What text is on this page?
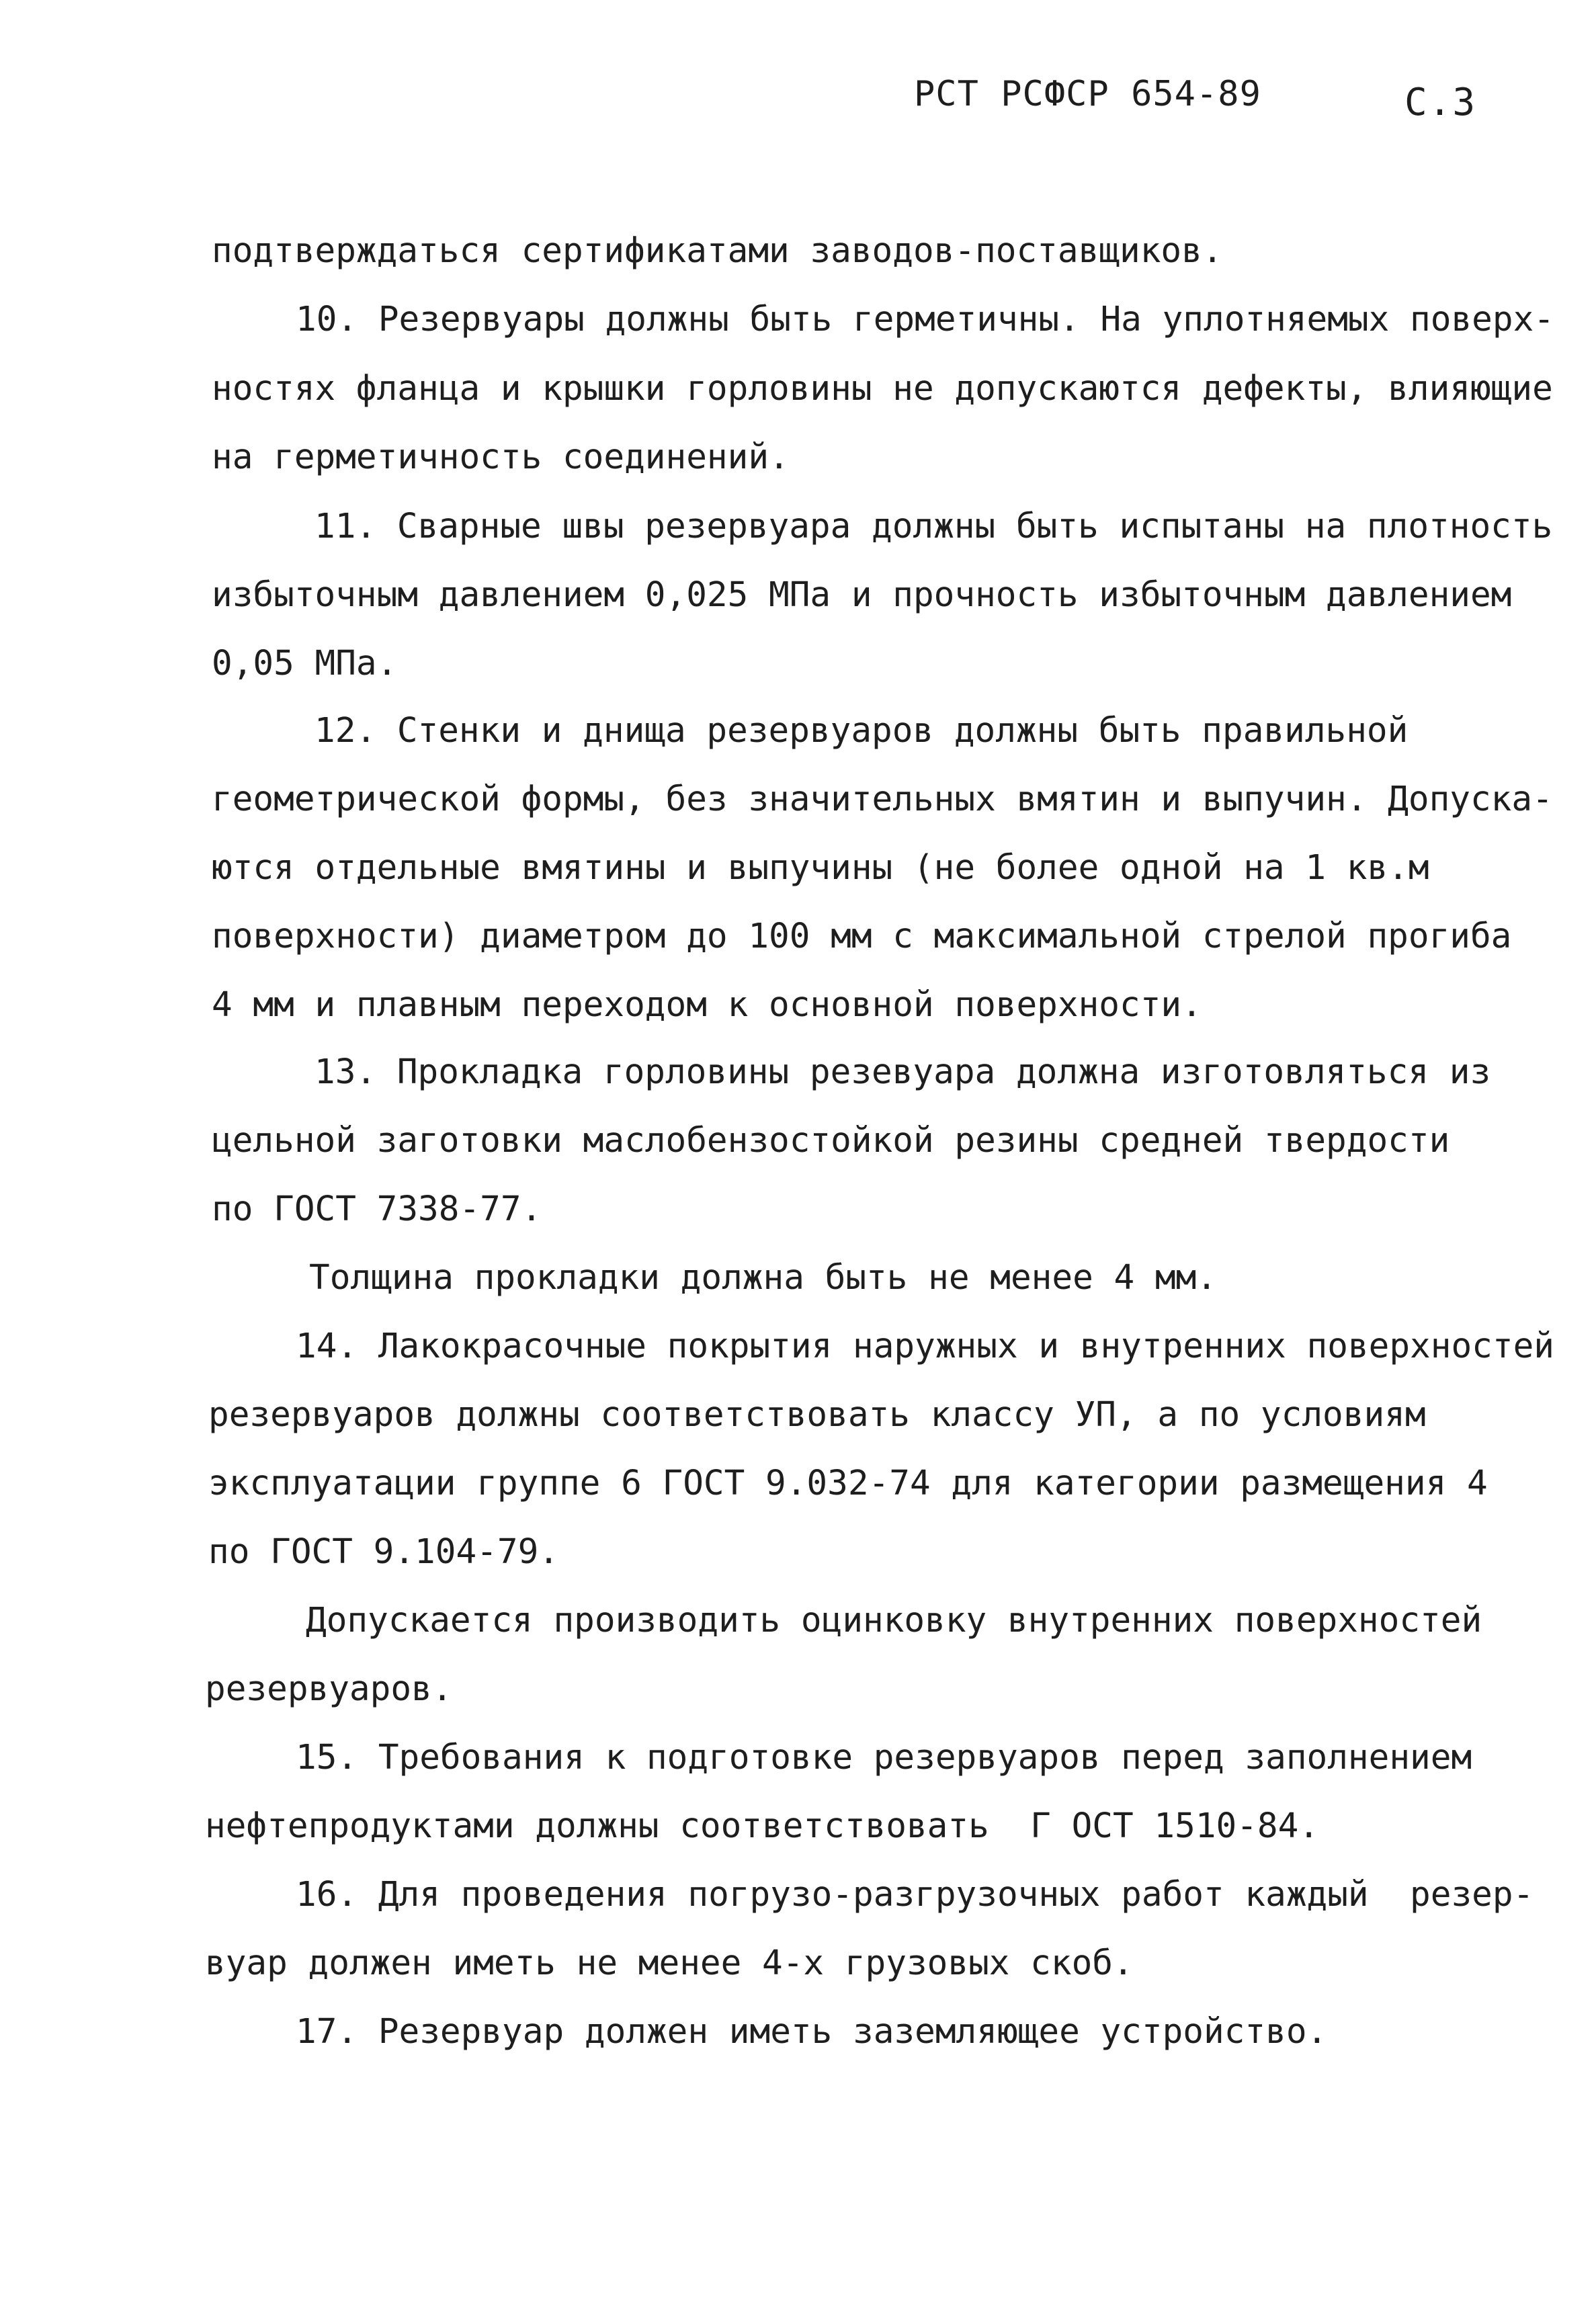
РСТ РСФСР 654-89	С.3
подтверждаться сертификатами заводов-поставщиков.
10. Резервуары должны быть герметичны. На уплотняемых поверх-
ностях фланца и крышки горловины не допускаются дефекты, влияющие
на герметичность соединений.
11. Сварные швы резервуара должны быть испытаны на плотность
избыточным давлением 0,025 МПа и прочность избыточным давлением
0,05 МПа.
12. Стенки и днища резервуаров должны быть правильной
геометрической формы, без значительных вмятин и выпучин. Допуска-
ются отдельные вмятины и выпучины (не более одной на 1 кв.м
поверхности) диаметром до 100 мм с максимальной стрелой прогиба
4 мм и плавным переходом к основной поверхности.
13. Прокладка горловины резевуара должна изготовляться из
цельной заготовки маслобензостойкой резины средней твердости
по ГОСТ 7338-77.
Толщина прокладки должна быть не менее 4 мм.
14. Лакокрасочные покрытия наружных и внутренних поверхностей
резервуаров должны соответствовать классу УП, а по условиям
эксплуатации группе 6 ГОСТ 9.032-74 для категории размещения 4
по ГОСТ 9.104-79.
Допускается производить оцинковку внутренних поверхностей
резервуаров.
15. Требования к подготовке резервуаров перед заполнением
нефтепродуктами должны соответствовать  Г ОСТ 1510-84.
16. Для проведения погрузо-разгрузочных работ каждый  резер-
вуар должен иметь не менее 4-х грузовых скоб.
17. Резервуар должен иметь заземляющее устройство.
